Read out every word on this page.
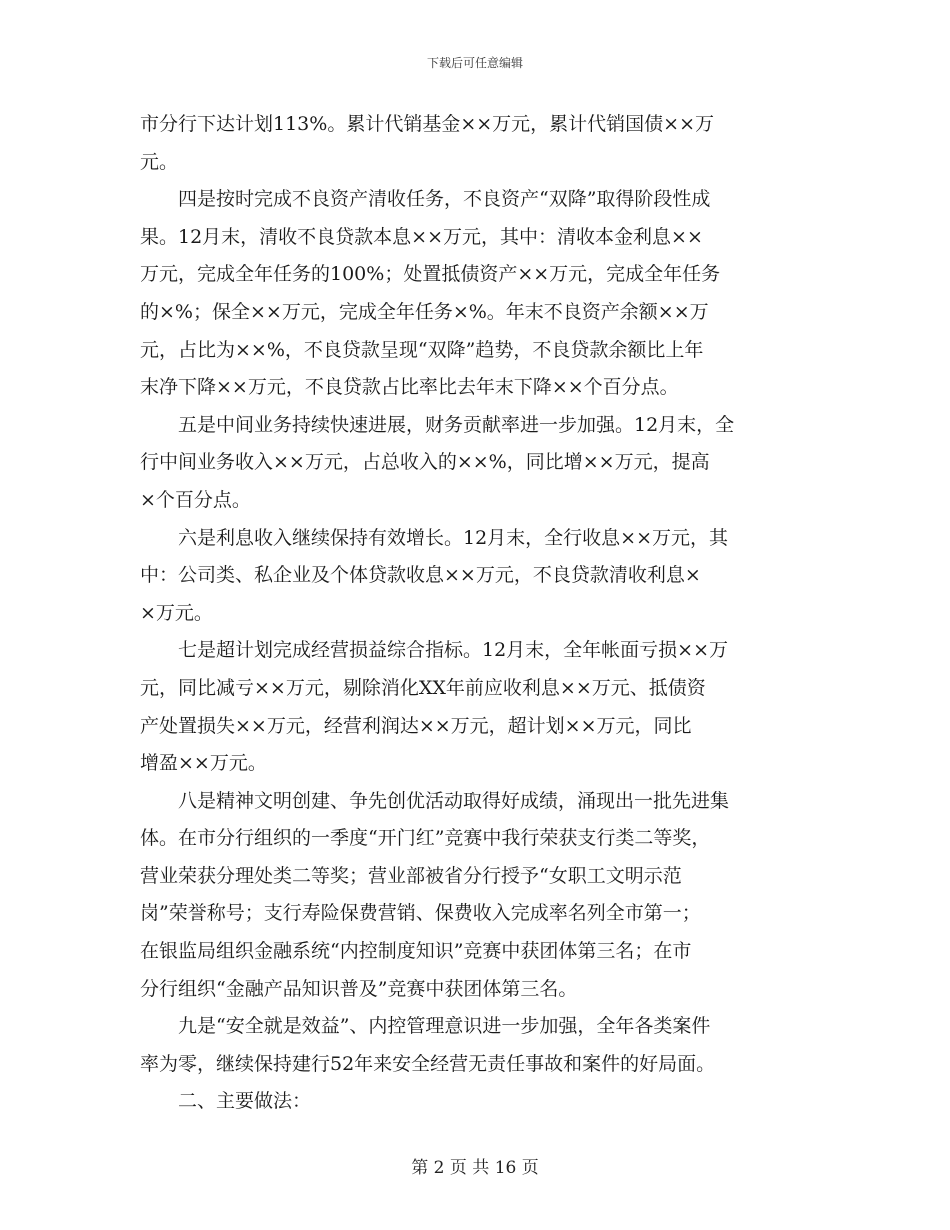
下载后可任意编辑

市分行下达计划113%。累计代销基金××万元，累计代销国债××万

元。

　　四是按时完成不良资产清收任务，不良资产“双降”取得阶段性成

果。12月末，清收不良贷款本息××万元，其中：清收本金利息××

万元，完成全年任务的100%；处置抵债资产××万元，完成全年任务

的×%；保全××万元，完成全年任务×%。年末不良资产余额××万

元，占比为××%，不良贷款呈现“双降”趋势，不良贷款余额比上年

末净下降××万元，不良贷款占比率比去年末下降××个百分点。

　　五是中间业务持续快速进展，财务贡献率进一步加强。12月末，全

行中间业务收入××万元，占总收入的××%，同比增××万元，提高

×个百分点。

　　六是利息收入继续保持有效增长。12月末，全行收息××万元，其

中：公司类、私企业及个体贷款收息××万元，不良贷款清收利息×

×万元。

　　七是超计划完成经营损益综合指标。12月末，全年帐面亏损××万

元，同比减亏××万元，剔除消化XX年前应收利息××万元、抵债资

产处置损失××万元，经营利润达××万元，超计划××万元，同比

增盈××万元。

　　八是精神文明创建、争先创优活动取得好成绩，涌现出一批先进集

体。在市分行组织的一季度“开门红”竞赛中我行荣获支行类二等奖，

营业荣获分理处类二等奖；营业部被省分行授予“女职工文明示范

岗”荣誉称号；支行寿险保费营销、保费收入完成率名列全市第一；

在银监局组织金融系统“内控制度知识”竞赛中获团体第三名；在市

分行组织“金融产品知识普及”竞赛中获团体第三名。

　　九是“安全就是效益”、内控管理意识进一步加强，全年各类案件

率为零，继续保持建行52年来安全经营无责任事故和案件的好局面。

　　二、主要做法：

第 2 页 共 16 页
